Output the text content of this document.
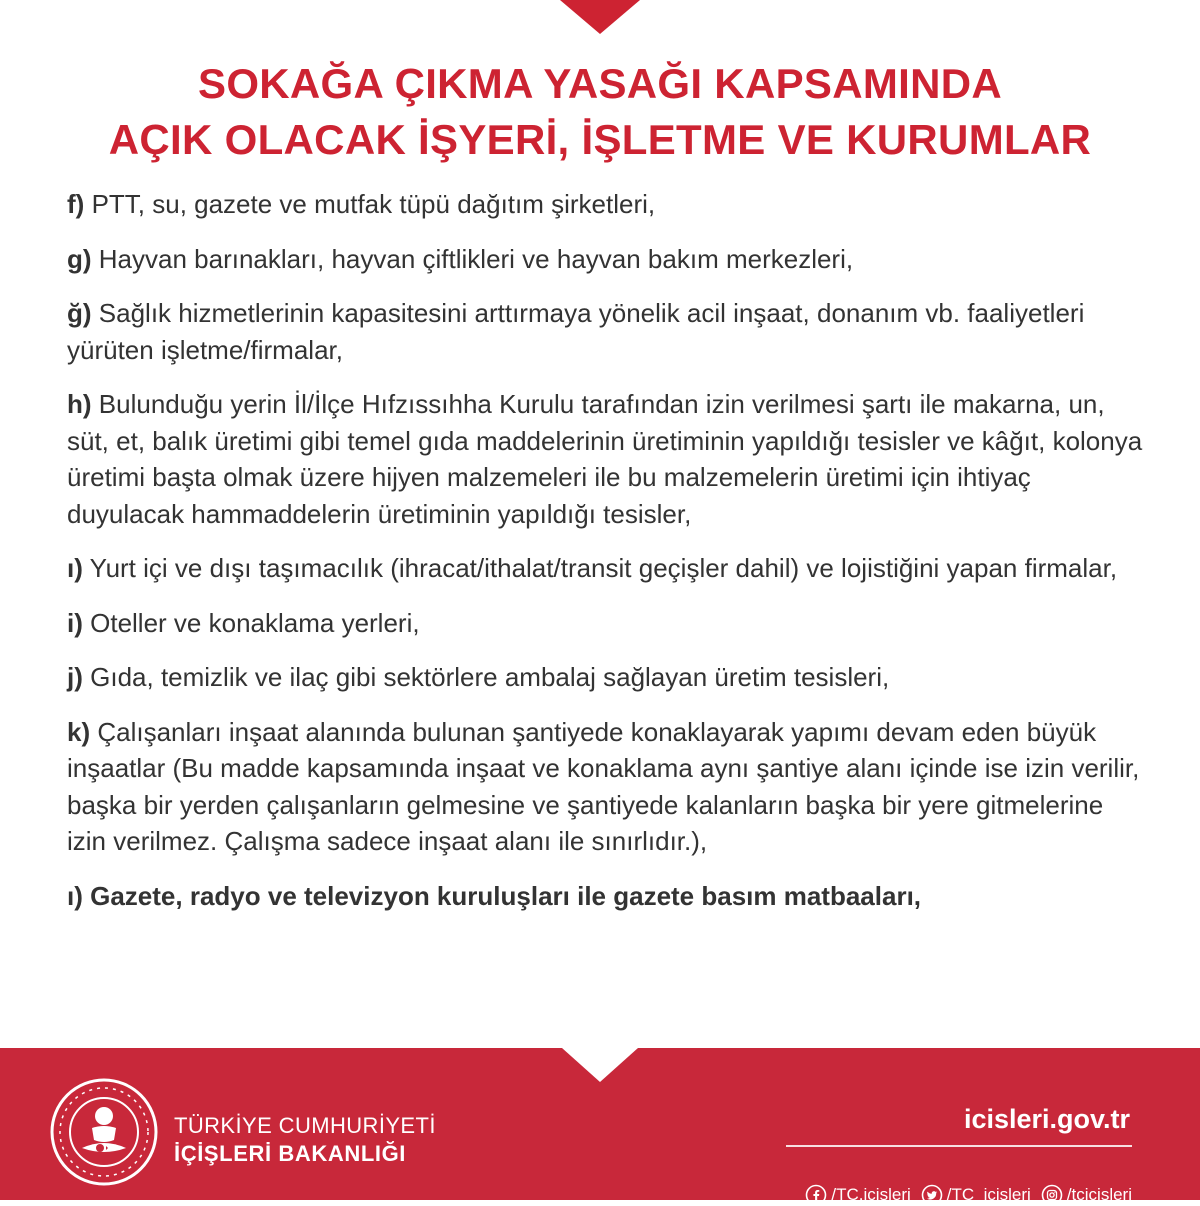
SOKAĞA ÇIKMA YASAĞI KAPSAMINDA
AÇIK OLACAK İŞYERİ, İŞLETME VE KURUMLAR
f) PTT, su, gazete ve mutfak tüpü dağıtım şirketleri,
g) Hayvan barınakları, hayvan çiftlikleri ve hayvan bakım merkezleri,
ğ) Sağlık hizmetlerinin kapasitesini arttırmaya yönelik acil inşaat, donanım vb. faaliyetleri yürüten işletme/firmalar,
h) Bulunduğu yerin İl/İlçe Hıfzıssıhha Kurulu tarafından izin verilmesi şartı ile makarna, un, süt, et, balık üretimi gibi temel gıda maddelerinin üretiminin yapıldığı tesisler ve kâğıt, kolonya üretimi başta olmak üzere hijyen malzemeleri ile bu malzemelerin üretimi için ihtiyaç duyulacak hammaddelerin üretiminin yapıldığı tesisler,
ı) Yurt içi ve dışı taşımacılık (ihracat/ithalat/transit geçişler dahil) ve lojistiğini yapan firmalar,
i) Oteller ve konaklama yerleri,
j) Gıda, temizlik ve ilaç gibi sektörlere ambalaj sağlayan üretim tesisleri,
k) Çalışanları inşaat alanında bulunan şantiyede konaklayarak yapımı devam eden büyük inşaatlar (Bu madde kapsamında inşaat ve konaklama aynı şantiye alanı içinde ise izin verilir, başka bir yerden çalışanların gelmesine ve şantiyede kalanların başka bir yere gitmelerine izin verilmez. Çalışma sadece inşaat alanı ile sınırlıdır.),
ı) Gazete, radyo ve televizyon kuruluşları ile gazete basım matbaaları,
TÜRKİYE CUMHURİYETİ
İÇİŞLERİ BAKANLIĞI
icisleri.gov.tr
/TC.icisleri /TC_icisleri /tcicisleri
